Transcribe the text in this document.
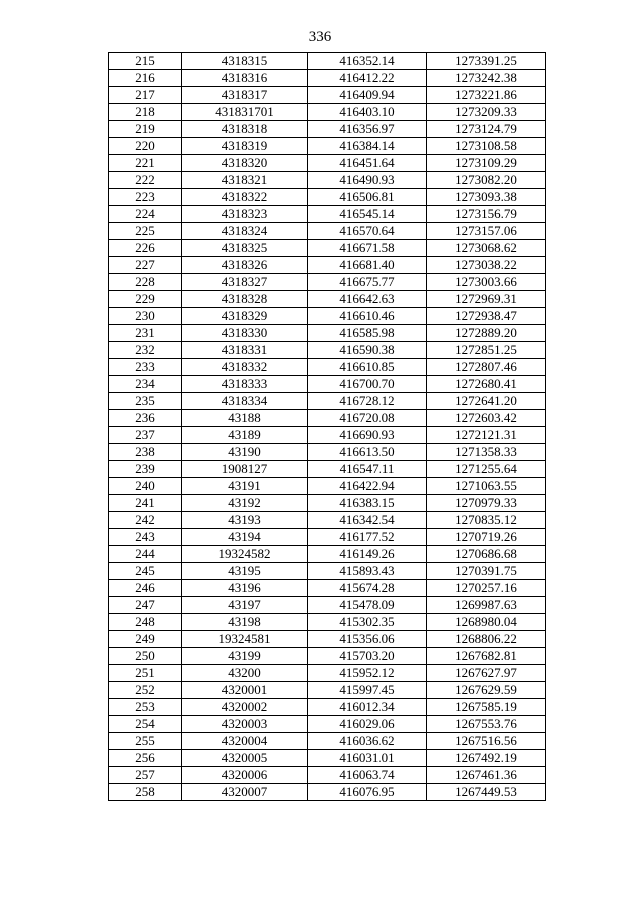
336
215	4318315	416352.14	1273391.25
216	4318316	416412.22	1273242.38
217	4318317	416409.94	1273221.86
218	431831701	416403.10	1273209.33
219	4318318	416356.97	1273124.79
220	4318319	416384.14	1273108.58
221	4318320	416451.64	1273109.29
222	4318321	416490.93	1273082.20
223	4318322	416506.81	1273093.38
224	4318323	416545.14	1273156.79
225	4318324	416570.64	1273157.06
226	4318325	416671.58	1273068.62
227	4318326	416681.40	1273038.22
228	4318327	416675.77	1273003.66
229	4318328	416642.63	1272969.31
230	4318329	416610.46	1272938.47
231	4318330	416585.98	1272889.20
232	4318331	416590.38	1272851.25
233	4318332	416610.85	1272807.46
234	4318333	416700.70	1272680.41
235	4318334	416728.12	1272641.20
236	43188	416720.08	1272603.42
237	43189	416690.93	1272121.31
238	43190	416613.50	1271358.33
239	1908127	416547.11	1271255.64
240	43191	416422.94	1271063.55
241	43192	416383.15	1270979.33
242	43193	416342.54	1270835.12
243	43194	416177.52	1270719.26
244	19324582	416149.26	1270686.68
245	43195	415893.43	1270391.75
246	43196	415674.28	1270257.16
247	43197	415478.09	1269987.63
248	43198	415302.35	1268980.04
249	19324581	415356.06	1268806.22
250	43199	415703.20	1267682.81
251	43200	415952.12	1267627.97
252	4320001	415997.45	1267629.59
253	4320002	416012.34	1267585.19
254	4320003	416029.06	1267553.76
255	4320004	416036.62	1267516.56
256	4320005	416031.01	1267492.19
257	4320006	416063.74	1267461.36
258	4320007	416076.95	1267449.53
